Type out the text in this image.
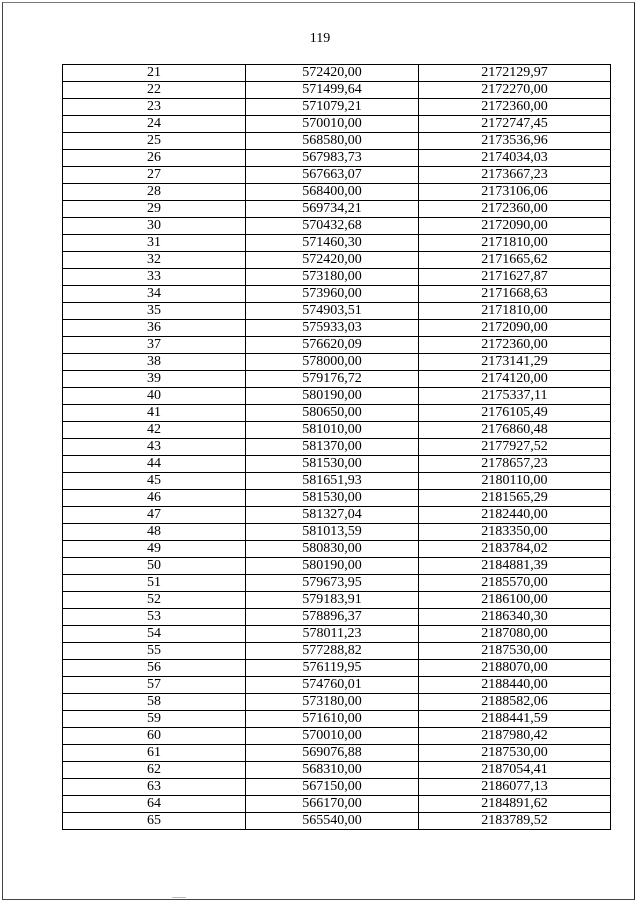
119
21	572420,00	2172129,97
22	571499,64	2172270,00
23	571079,21	2172360,00
24	570010,00	2172747,45
25	568580,00	2173536,96
26	567983,73	2174034,03
27	567663,07	2173667,23
28	568400,00	2173106,06
29	569734,21	2172360,00
30	570432,68	2172090,00
31	571460,30	2171810,00
32	572420,00	2171665,62
33	573180,00	2171627,87
34	573960,00	2171668,63
35	574903,51	2171810,00
36	575933,03	2172090,00
37	576620,09	2172360,00
38	578000,00	2173141,29
39	579176,72	2174120,00
40	580190,00	2175337,11
41	580650,00	2176105,49
42	581010,00	2176860,48
43	581370,00	2177927,52
44	581530,00	2178657,23
45	581651,93	2180110,00
46	581530,00	2181565,29
47	581327,04	2182440,00
48	581013,59	2183350,00
49	580830,00	2183784,02
50	580190,00	2184881,39
51	579673,95	2185570,00
52	579183,91	2186100,00
53	578896,37	2186340,30
54	578011,23	2187080,00
55	577288,82	2187530,00
56	576119,95	2188070,00
57	574760,01	2188440,00
58	573180,00	2188582,06
59	571610,00	2188441,59
60	570010,00	2187980,42
61	569076,88	2187530,00
62	568310,00	2187054,41
63	567150,00	2186077,13
64	566170,00	2184891,62
65	565540,00	2183789,52
